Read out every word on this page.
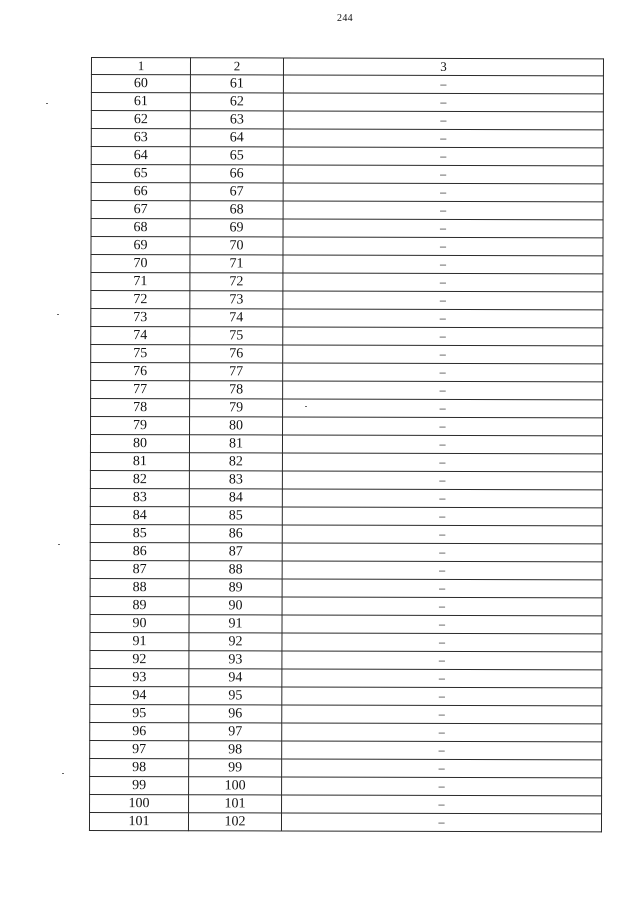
244
1	2	3
60	61	–
61	62	–
62	63	–
63	64	–
64	65	–
65	66	–
66	67	–
67	68	–
68	69	–
69	70	–
70	71	–
71	72	–
72	73	–
73	74	–
74	75	–
75	76	–
76	77	–
77	78	–
78	79	–
79	80	–
80	81	–
81	82	–
82	83	–
83	84	–
84	85	–
85	86	–
86	87	–
87	88	–
88	89	–
89	90	–
90	91	–
91	92	–
92	93	–
93	94	–
94	95	–
95	96	–
96	97	–
97	98	–
98	99	–
99	100	–
100	101	–
101	102	–
